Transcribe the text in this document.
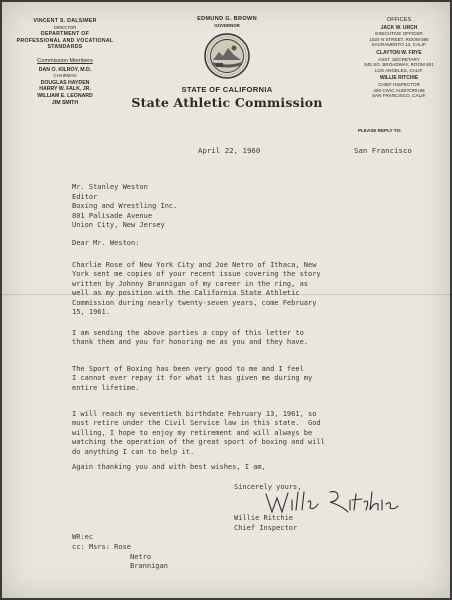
VINCENT S. DALSIMER
DIRECTOR
DEPARTMENT OF
PROFESSIONAL AND VOCATIONAL
STANDARDS
Commission Members
DAN O. KILROY, M.D.
CHAIRMAN
DOUGLAS HAYDEN
HARRY W. FALK, JR.
WILLIAM E. LEONARD
JIM SMITH
EDMUND G. BROWN
GOVERNOR
STATE OF CALIFORNIA
State Athletic Commission
OFFICES
JACK W. URCH
EXECUTIVE OFFICER
1020 N STREET, ROOM 595
SACRAMENTO 14, CALIF.
CLAYTON W. FRYE
ASST. SECRETARY
545 SO. BROADWAY, ROOM 601
LOS ANGELES, CALIF.
WILLIE RITCHIE
CHIEF INSPECTOR
400 CIVIC AUDITORIUM
SAN FRANCISCO, CALIF.
PLEASE REPLY TO:
April 22, 1960	San Francisco
Mr. Stanley Weston
Editor
Boxing and Wrestling Inc.
801 Palisade Avenue
Union City, New Jersey
Dear Mr. Weston:
Charlie Rose of New York City and Joe Netro of Ithaca, New
York sent me copies of your recent issue covering the story
written by Johnny Brannigan of my career in the ring, as
well as my position with the California State Athletic
Commission during nearly twenty-seven years, come February
15, 1961.
I am sending the above parties a copy of this letter to
thank them and you for honoring me as you and they have.
The Sport of Boxing has been very good to me and I feel
I cannot ever repay it for what it has given me during my
entire lifetime.
I will reach my seventieth birthdate February 13, 1961, so
must retire under the Civil Service law in this state.  God
willing, I hope to enjoy my retirement and will always be
watching the operation of the great sport of boxing and will
do anything I can to help it.
Again thanking you and with best wishes, I am,
Sincerely yours,
Willie Ritchie
Chief Inspector
WR:ec
cc: Msrs: Rose
Netro
Brannigan
